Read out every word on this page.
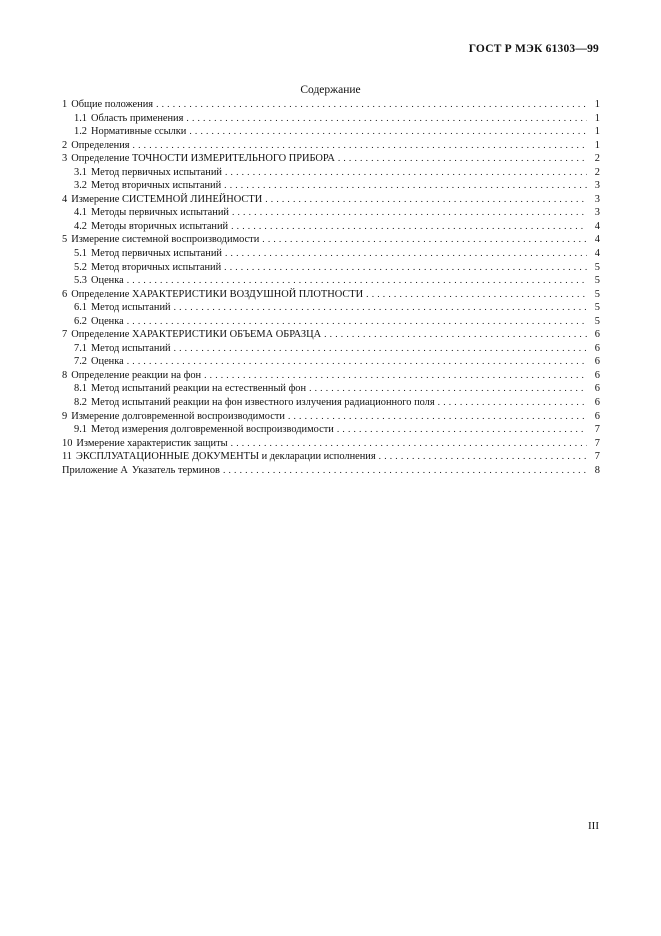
ГОСТ Р МЭК 61303—99
Содержание
1 Общие положения . . .	1
1.1 Область применения . . .	1
1.2 Нормативные ссылки . . .	1
2 Определения . . .	1
3 Определение ТОЧНОСТИ ИЗМЕРИТЕЛЬНОГО ПРИБОРА . . .	2
3.1 Метод первичных испытаний . . .	2
3.2 Метод вторичных испытаний . . .	3
4 Измерение СИСТЕМНОЙ ЛИНЕЙНОСТИ . . .	3
4.1 Методы первичных испытаний . . .	3
4.2 Методы вторичных испытаний . . .	4
5 Измерение системной воспроизводимости . . .	4
5.1 Метод первичных испытаний . . .	4
5.2 Метод вторичных испытаний . . .	5
5.3 Оценка . . .	5
6 Определение ХАРАКТЕРИСТИКИ ВОЗДУШНОЙ ПЛОТНОСТИ . . .	5
6.1 Метод испытаний . . .	5
6.2 Оценка . . .	5
7 Определение ХАРАКТЕРИСТИКИ ОБЪЕМА ОБРАЗЦА . . .	6
7.1 Метод испытаний . . .	6
7.2 Оценка . . .	6
8 Определение реакции на фон . . .	6
8.1 Метод испытаний реакции на естественный фон . . .	6
8.2 Метод испытаний реакции на фон известного излучения радиационного поля . . .	6
9 Измерение долговременной воспроизводимости . . .	6
9.1 Метод измерения долговременной воспроизводимости . . .	7
10 Измерение характеристик защиты . . .	7
11 ЭКСПЛУАТАЦИОННЫЕ ДОКУМЕНТЫ и декларации исполнения . . .	7
Приложение А Указатель терминов . . .	8
III
